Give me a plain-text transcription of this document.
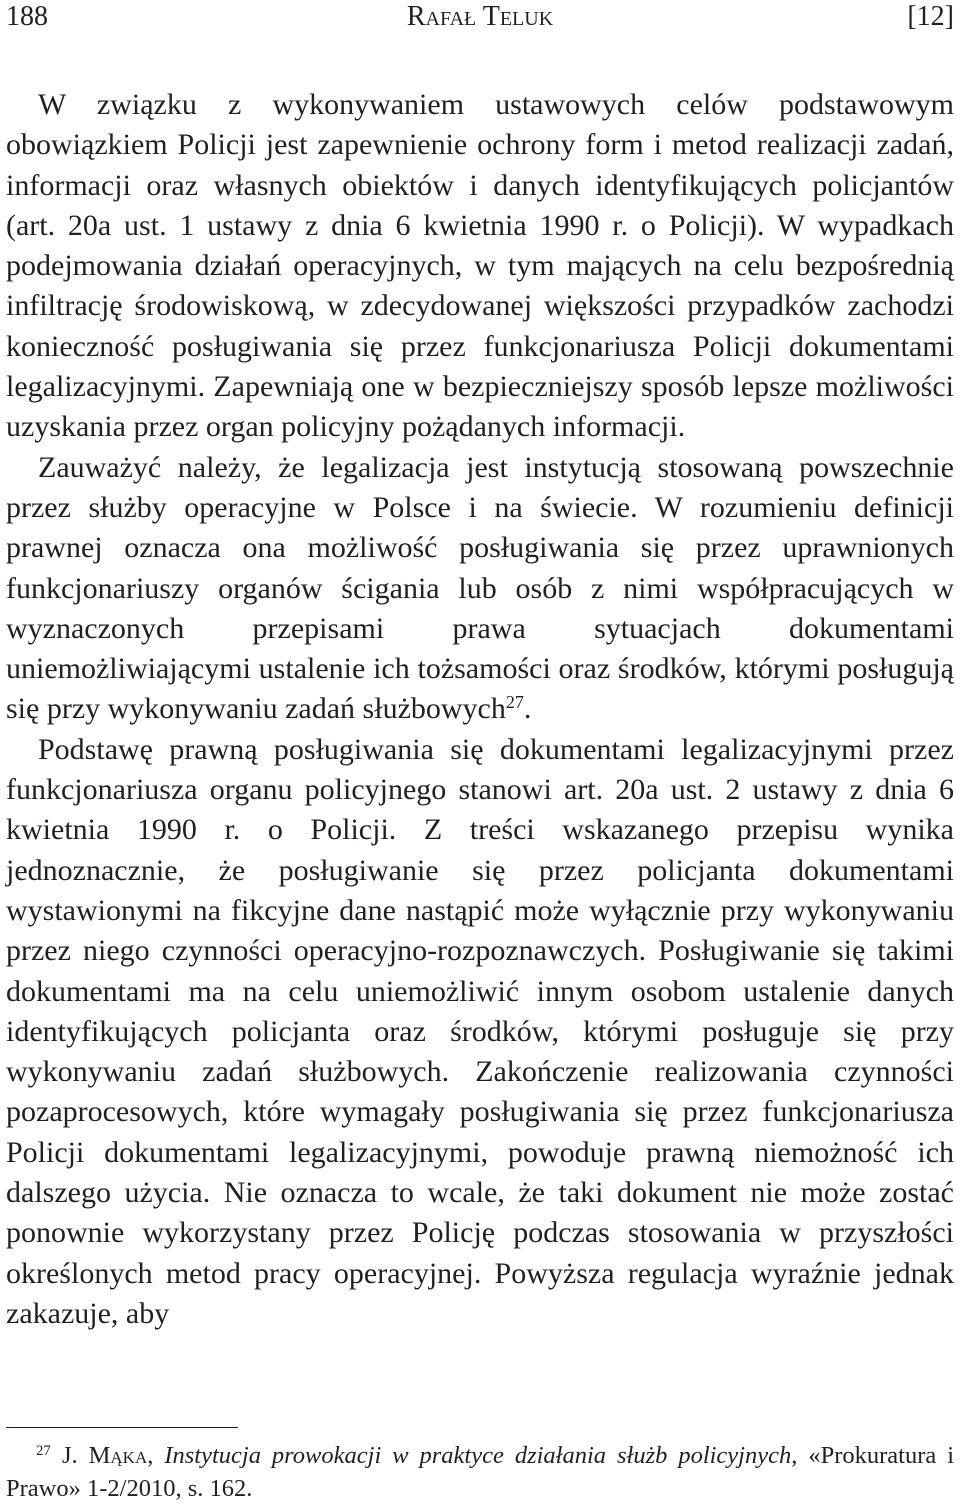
188	Rafał Teluk	[12]

W związku z wykonywaniem ustawowych celów podstawowym obowiązkiem Policji jest zapewnienie ochrony form i metod realizacji zadań, informacji oraz własnych obiektów i danych identyfikujących policjantów (art. 20a ust. 1 ustawy z dnia 6 kwietnia 1990 r. o Policji). W wypadkach podejmowania działań operacyjnych, w tym mających na celu bezpośrednią infiltrację środowiskową, w zdecydowanej większości przypadków zachodzi konieczność posługiwania się przez funkcjonariusza Policji dokumentami legalizacyjnymi. Zapewniają one w bezpieczniejszy sposób lepsze możliwości uzyskania przez organ policyjny pożądanych informacji.

Zauważyć należy, że legalizacja jest instytucją stosowaną powszechnie przez służby operacyjne w Polsce i na świecie. W rozumieniu definicji prawnej oznacza ona możliwość posługiwania się przez uprawnionych funkcjonariuszy organów ścigania lub osób z nimi współpracujących w wyznaczonych przepisami prawa sytuacjach dokumentami uniemożliwiającymi ustalenie ich tożsamości oraz środków, którymi posługują się przy wykonywaniu zadań służbowych$^{27}$.

Podstawę prawną posługiwania się dokumentami legalizacyjnymi przez funkcjonariusza organu policyjnego stanowi art. 20a ust. 2 ustawy z dnia 6 kwietnia 1990 r. o Policji. Z treści wskazanego przepisu wynika jednoznacznie, że posługiwanie się przez policjanta dokumentami wystawionymi na fikcyjne dane nastąpić może wyłącznie przy wykonywaniu przez niego czynności operacyjno-rozpoznawczych. Posługiwanie się takimi dokumentami ma na celu uniemożliwić innym osobom ustalenie danych identyfikujących policjanta oraz środków, którymi posługuje się przy wykonywaniu zadań służbowych. Zakończenie realizowania czynności pozaprocesowych, które wymagały posługiwania się przez funkcjonariusza Policji dokumentami legalizacyjnymi, powoduje prawną niemożność ich dalszego użycia. Nie oznacza to wcale, że taki dokument nie może zostać ponownie wykorzystany przez Policję podczas stosowania w przyszłości określonych metod pracy operacyjnej. Powyższa regulacja wyraźnie jednak zakazuje, aby

27 J. Mąka, Instytucja prowokacji w praktyce działania służb policyjnych, «Prokuratura i Prawo» 1-2/2010, s. 162.
